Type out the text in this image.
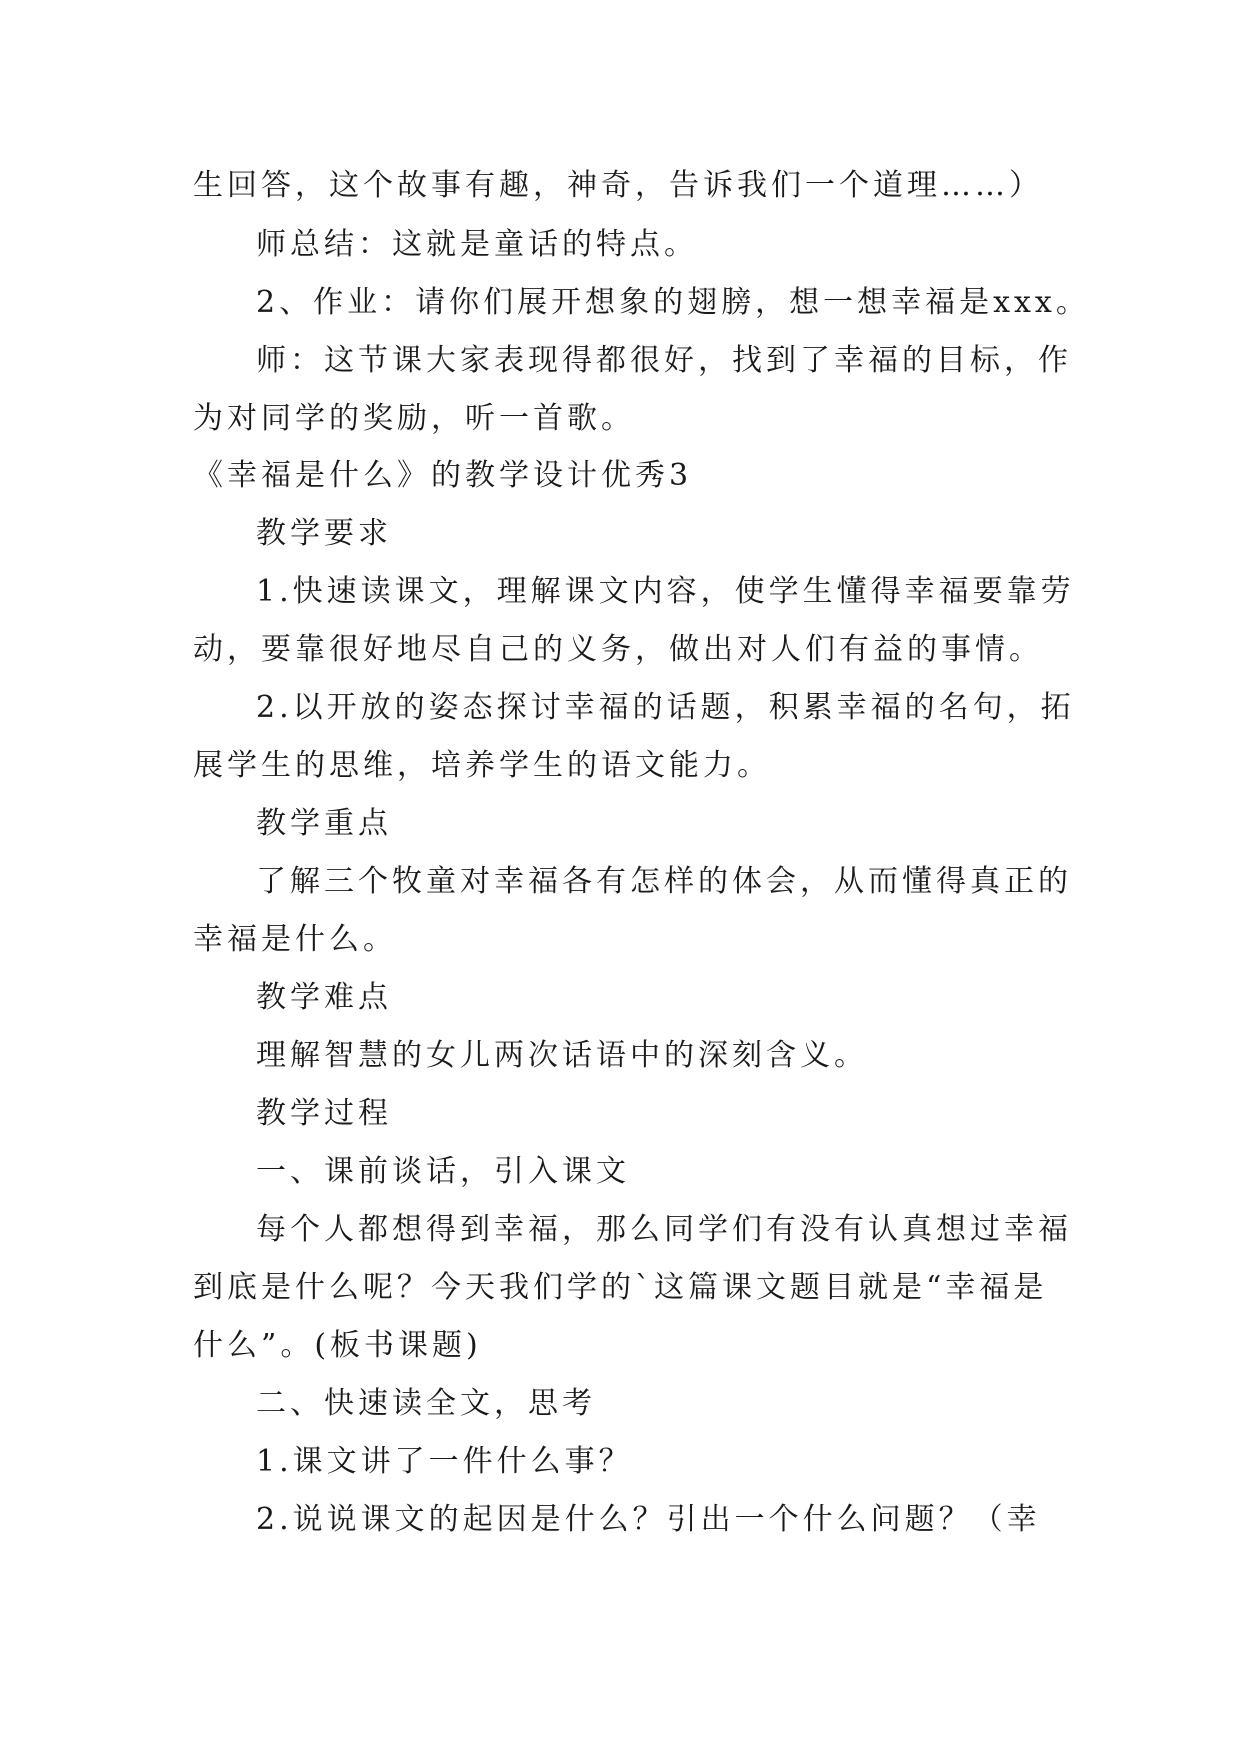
生回答，这个故事有趣，神奇，告诉我们一个道理……）
师总结：这就是童话的特点。
2、作业：请你们展开想象的翅膀，想一想幸福是xxx。
师：这节课大家表现得都很好，找到了幸福的目标，作
为对同学的奖励，听一首歌。
《幸福是什么》的教学设计优秀3
教学要求
1.快速读课文，理解课文内容，使学生懂得幸福要靠劳
动，要靠很好地尽自己的义务，做出对人们有益的事情。
2.以开放的姿态探讨幸福的话题，积累幸福的名句，拓
展学生的思维，培养学生的语文能力。
教学重点
了解三个牧童对幸福各有怎样的体会，从而懂得真正的
幸福是什么。
教学难点
理解智慧的女儿两次话语中的深刻含义。
教学过程
一、课前谈话，引入课文
每个人都想得到幸福，那么同学们有没有认真想过幸福
到底是什么呢？今天我们学的`这篇课文题目就是“幸福是
什么”。(板书课题)
二、快速读全文，思考
1.课文讲了一件什么事？
2.说说课文的起因是什么？引出一个什么问题？（幸
